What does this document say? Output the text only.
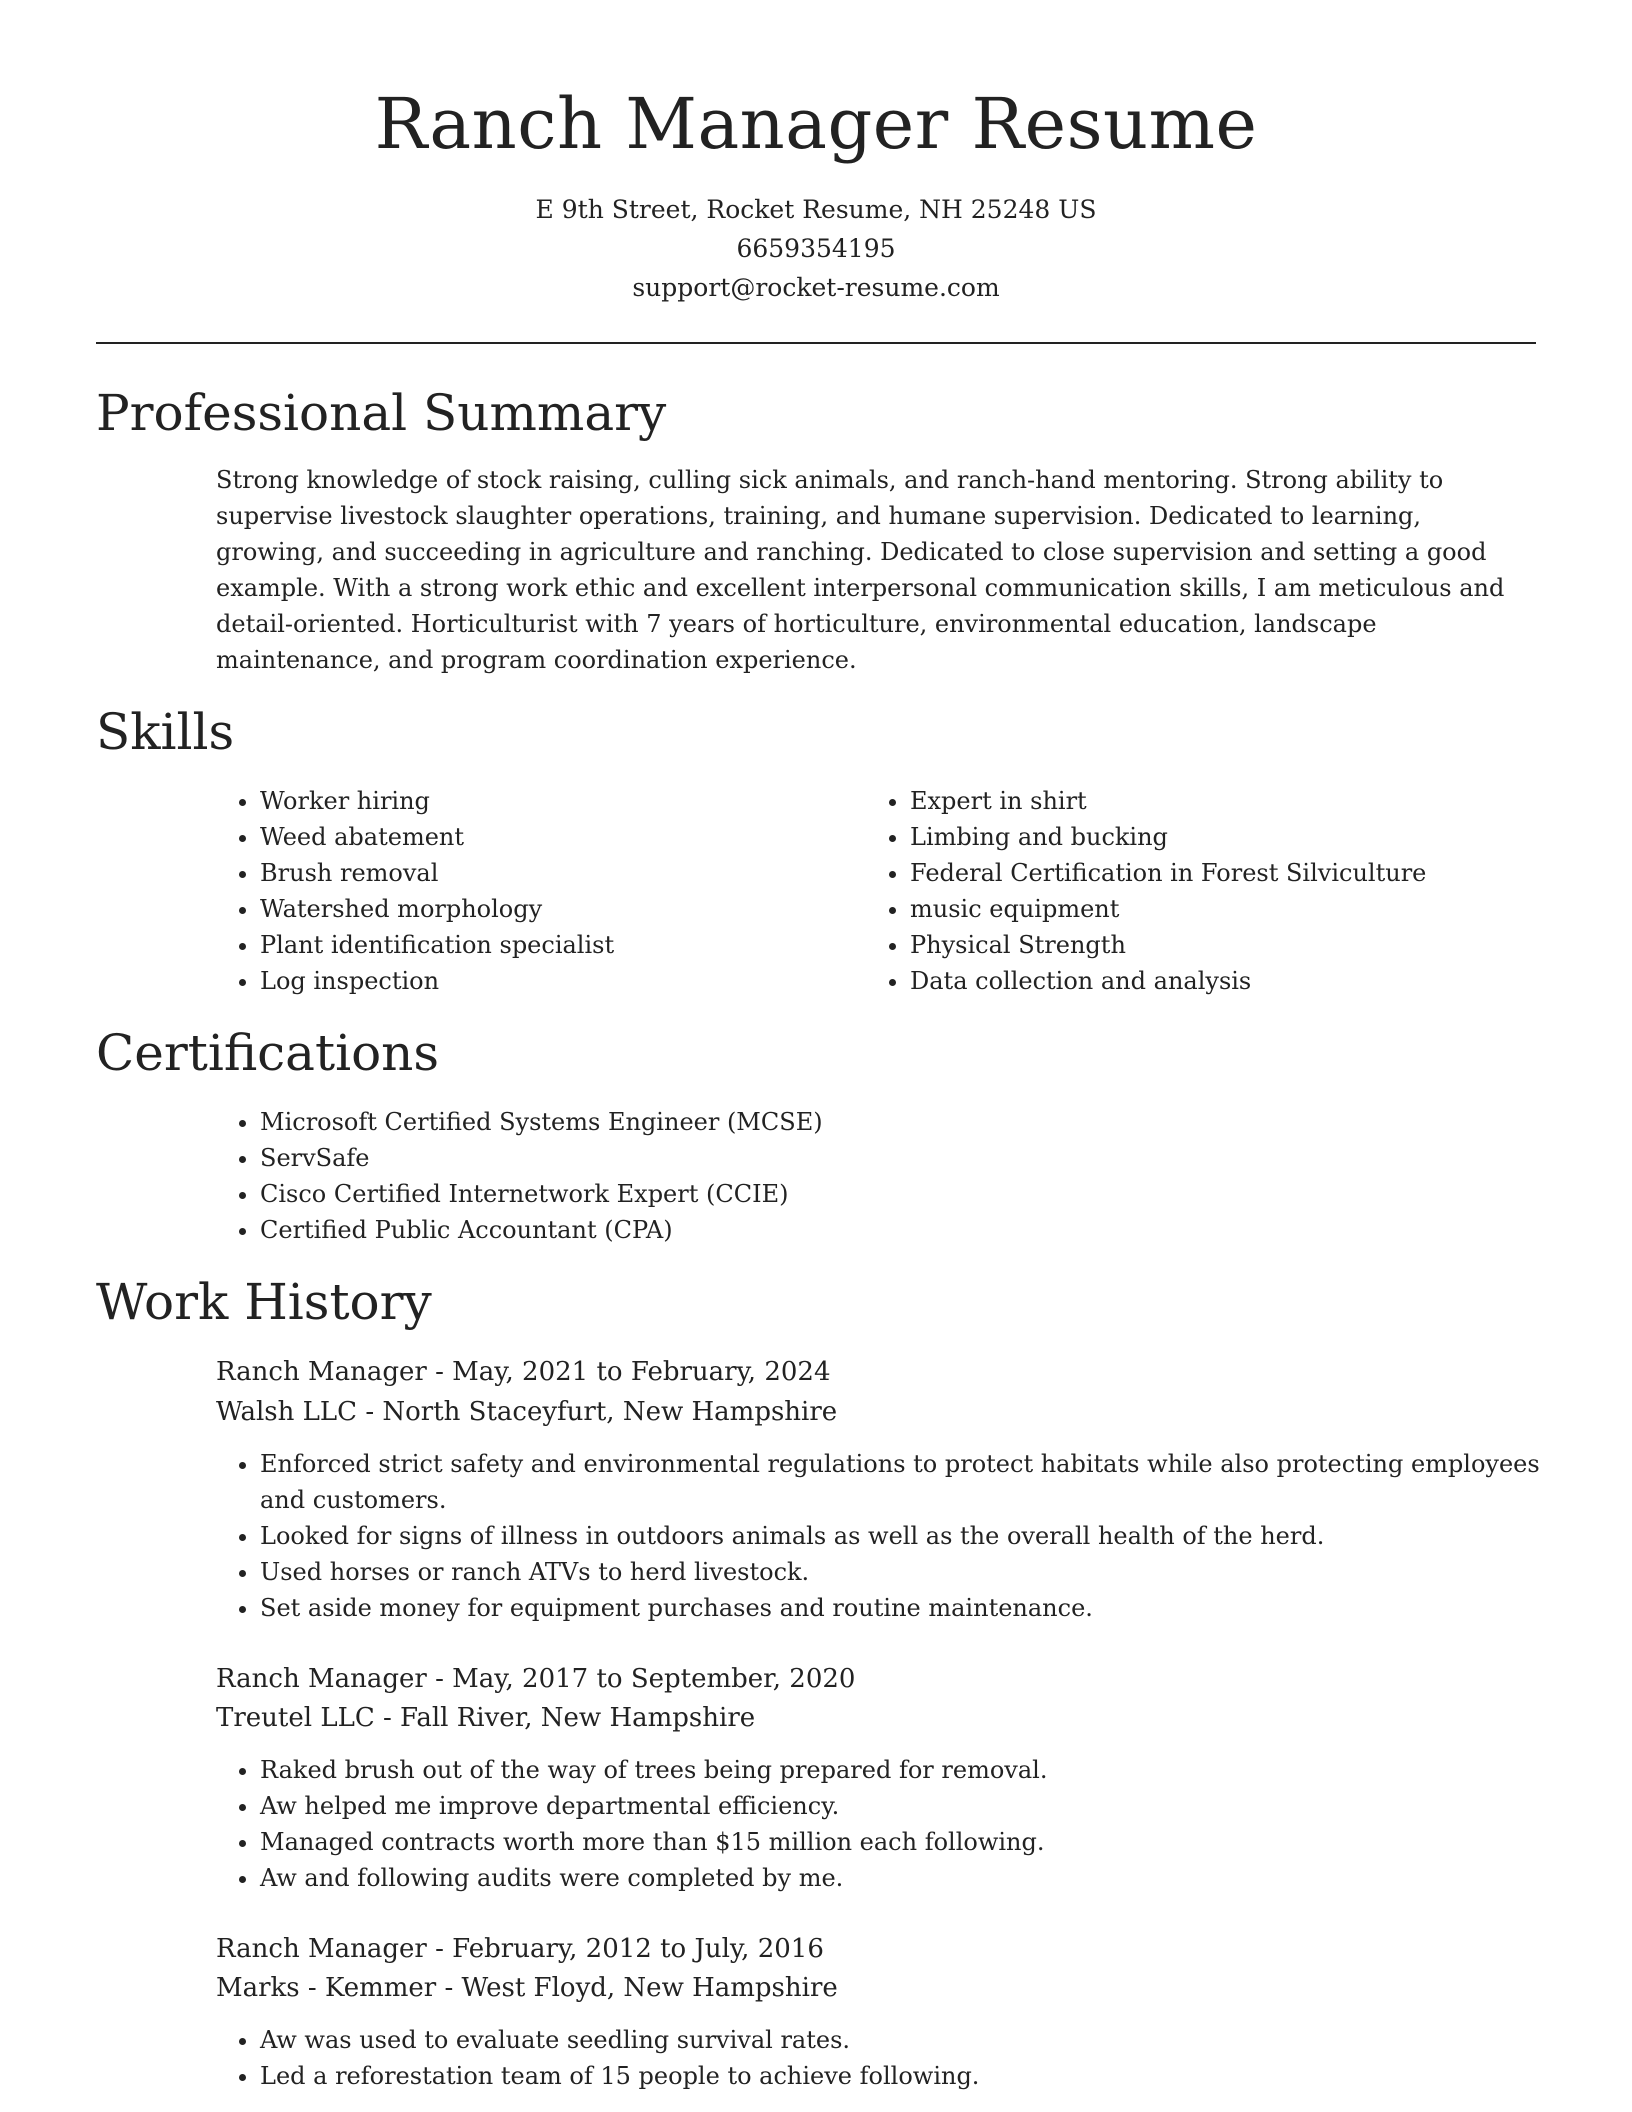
Ranch Manager Resume
E 9th Street, Rocket Resume, NH 25248 US
6659354195
support@rocket-resume.com
Professional Summary

Strong knowledge of stock raising, culling sick animals, and ranch-hand mentoring. Strong ability to supervise livestock slaughter operations, training, and humane supervision. Dedicated to learning, growing, and succeeding in agriculture and ranching. Dedicated to close supervision and setting a good example. With a strong work ethic and excellent interpersonal communication skills, I am meticulous and detail-oriented. Horticulturist with 7 years of horticulture, environmental education, landscape maintenance, and program coordination experience.

Skills
• Worker hiring
• Weed abatement
• Brush removal
• Watershed morphology
• Plant identification specialist
• Log inspection
• Expert in shirt
• Limbing and bucking
• Federal Certification in Forest Silviculture
• music equipment
• Physical Strength
• Data collection and analysis
Certifications
• Microsoft Certified Systems Engineer (MCSE)
• ServSafe
• Cisco Certified Internetwork Expert (CCIE)
• Certified Public Accountant (CPA)
Work History
Ranch Manager - May, 2021 to February, 2024
Walsh LLC - North Staceyfurt, New Hampshire
• Enforced strict safety and environmental regulations to protect habitats while also protecting employees and customers.
• Looked for signs of illness in outdoors animals as well as the overall health of the herd.
• Used horses or ranch ATVs to herd livestock.
• Set aside money for equipment purchases and routine maintenance.
Ranch Manager - May, 2017 to September, 2020
Treutel LLC - Fall River, New Hampshire
• Raked brush out of the way of trees being prepared for removal.
• Aw helped me improve departmental efficiency.
• Managed contracts worth more than $15 million each following.
• Aw and following audits were completed by me.
Ranch Manager - February, 2012 to July, 2016
Marks - Kemmer - West Floyd, New Hampshire
• Aw was used to evaluate seedling survival rates.
• Led a reforestation team of 15 people to achieve following.
